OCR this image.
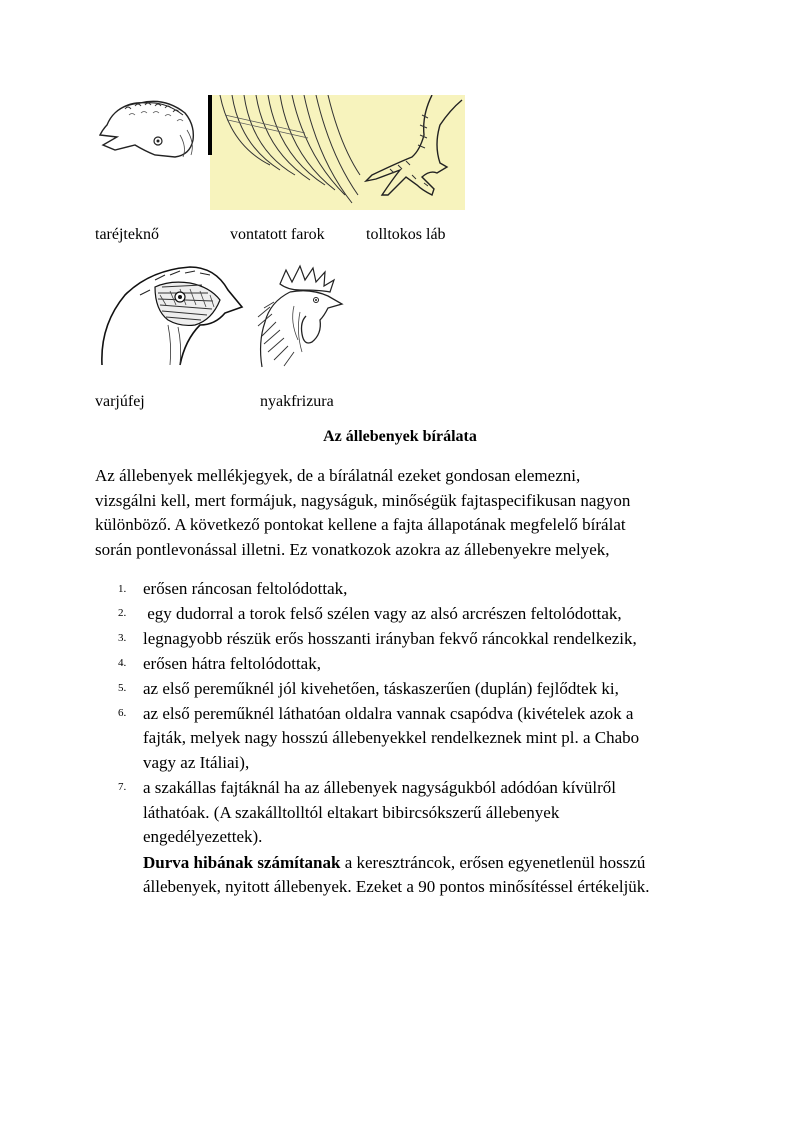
taréjteknő	vontatott farok	tolltokos láb
varjúfej	nyakfrizura
Az állebenyek bírálata
Az állebenyek mellékjegyek, de a bírálatnál ezeket gondosan elemezni,
vizsgálni kell, mert formájuk, nagyságuk, minőségük fajtaspecifikusan nagyon
különböző. A következő pontokat kellene a fajta állapotának megfelelő bírálat
során pontlevonással illetni. Ez vonatkozok azokra az állebenyekre melyek,
1. erősen ráncosan feltolódottak,
2. egy dudorral a torok felső szélen vagy az alsó arcrészen feltolódottak,
3. legnagyobb részük erős hosszanti irányban fekvő ráncokkal rendelkezik,
4. erősen hátra feltolódottak,
5. az első pereműknél jól kivehetően, táskaszerűen (duplán) fejlődtek ki,
6. az első pereműknél láthatóan oldalra vannak csapódva (kivételek azok a
fajták, melyek nagy hosszú állebenyekkel rendelkeznek mint pl. a Chabo
vagy az Itáliai),
7. a szakállas fajtáknál ha az állebenyek nagyságukból adódóan kívülről
láthatóak. (A szakálltolltól eltakart bibircsókszerű állebenyek
engedélyezettek).
Durva hibának számítanak a keresztráncok, erősen egyenetlenül hosszú
állebenyek, nyitott állebenyek. Ezeket a 90 pontos minősítéssel értékeljük.
